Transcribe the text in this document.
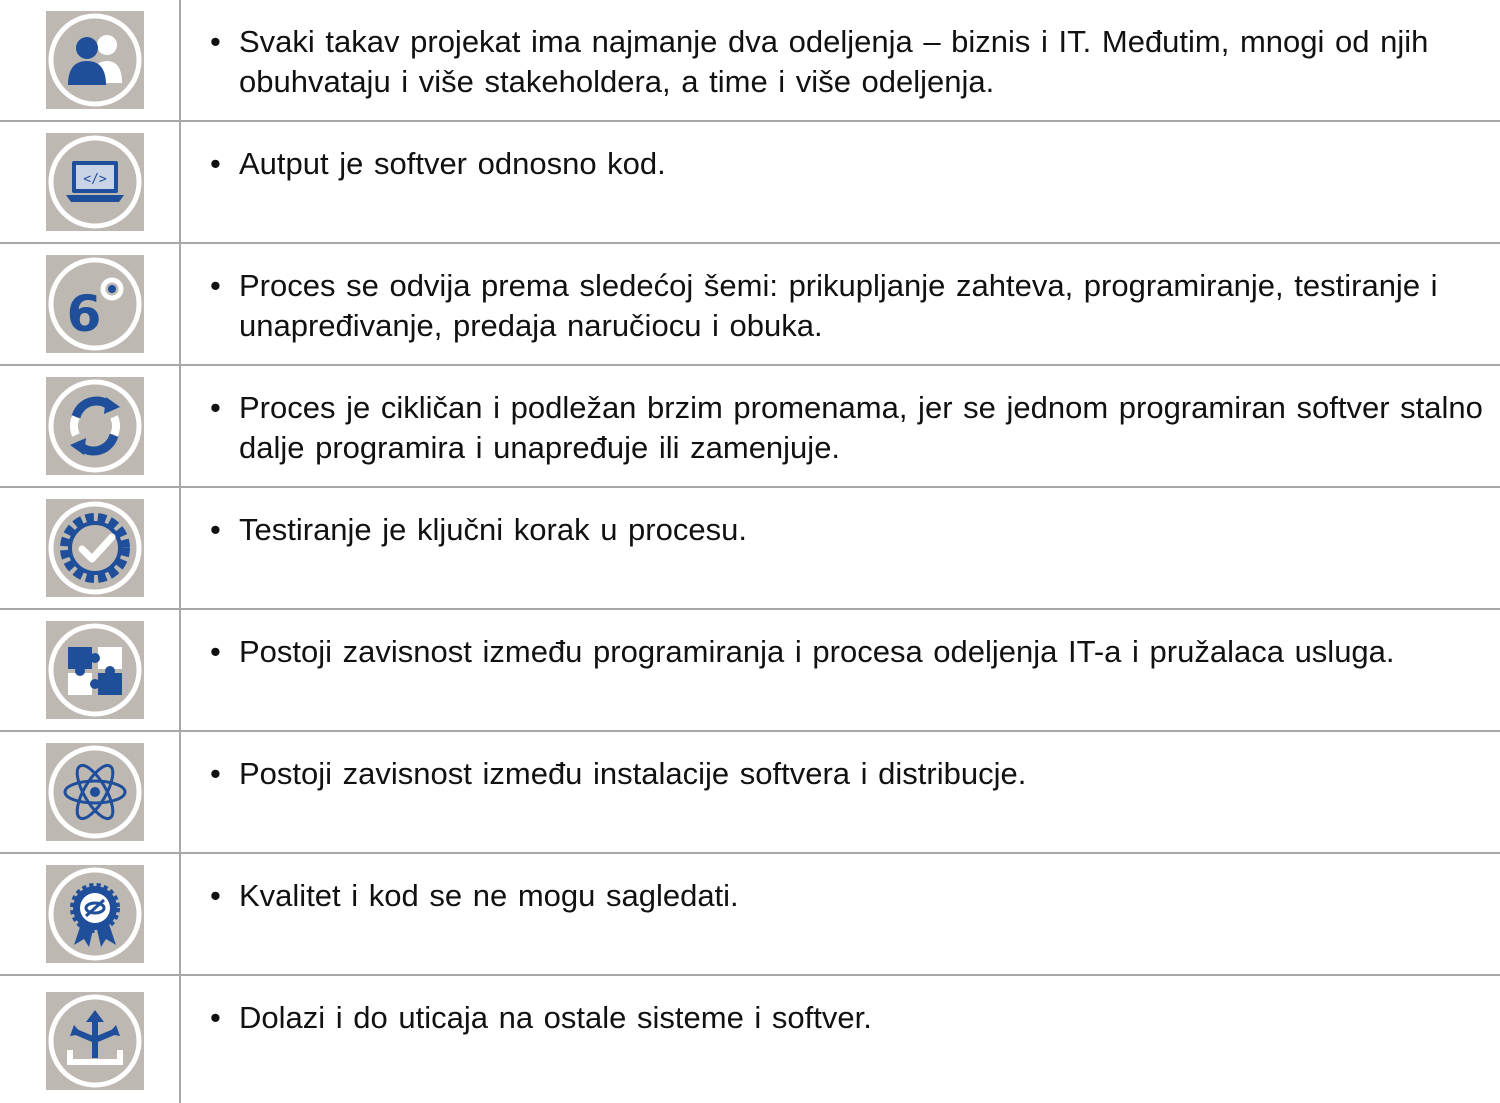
• Svaki takav projekat ima najmanje dva odeljenja – biznis i IT. Međutim, mnogi od njih obuhvataju i više stakeholdera, a time i više odeljenja.
</>	• Autput je softver odnosno kod.
6	• Proces se odvija prema sledećoj šemi: prikupljanje zahteva, programiranje, testiranje i unapređivanje, predaja naručiocu i obuka.
• Proces je cikličan i podležan brzim promenama, jer se jednom programiran softver stalno dalje programira i unapređuje ili zamenjuje.
• Testiranje je ključni korak u procesu.
• Postoji zavisnost između programiranja i procesa odeljenja IT-a i pružalaca usluga.
• Postoji zavisnost između instalacije softvera i distribucje.
• Kvalitet i kod se ne mogu sagledati.
• Dolazi i do uticaja na ostale sisteme i softver.
